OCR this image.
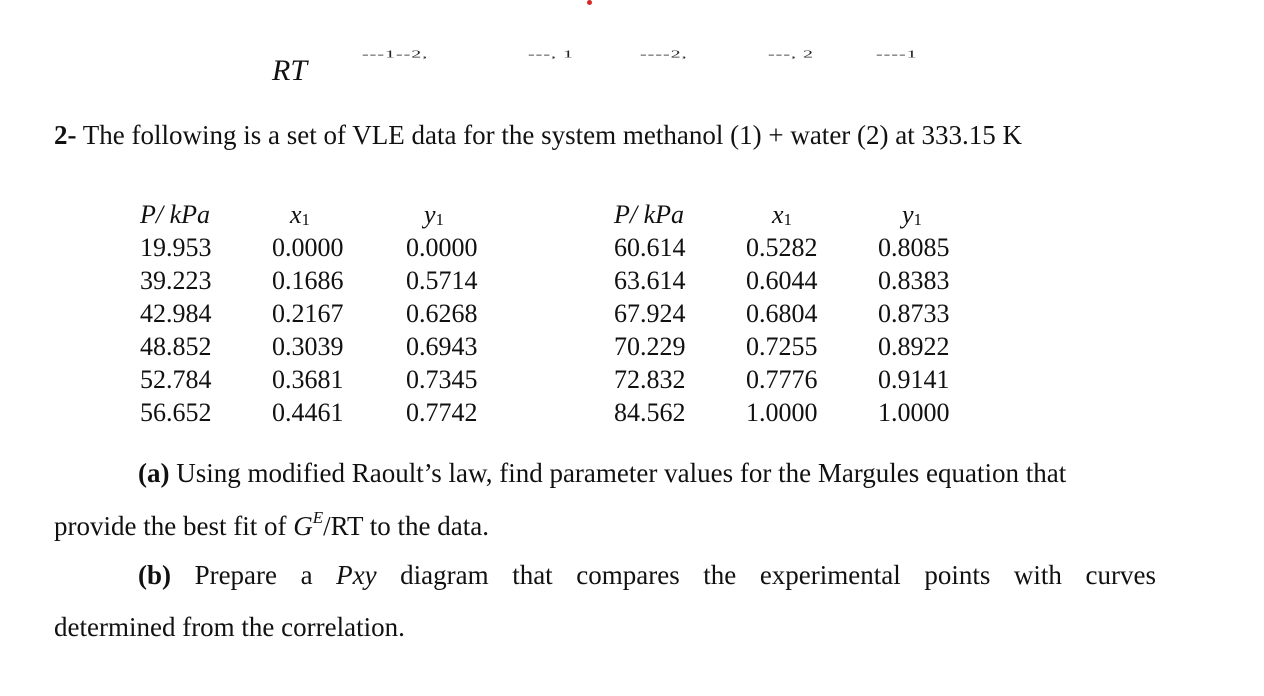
RT	---1--2,	---, 1	----2,	---, 2	----1
2- The following is a set of VLE data for the system methanol (1) + water (2) at 333.15 K
P/ kPa	x1	y1
19.953 0.0000 0.0000
39.223 0.1686 0.5714
42.984 0.2167 0.6268
48.852 0.3039 0.6943
52.784 0.3681 0.7345
56.652 0.4461 0.7742
P/ kPa	x1	y1
60.614 0.5282 0.8085
63.614 0.6044 0.8383
67.924 0.6804 0.8733
70.229 0.7255 0.8922
72.832 0.7776 0.9141
84.562 1.0000 1.0000
(a) Using modified Raoult’s law, find parameter values for the Margules equation that
provide the best fit of $G^E/RT$ to the data.
(b) Prepare a Pxy diagram that compares the experimental points with curves
determined from the correlation.
